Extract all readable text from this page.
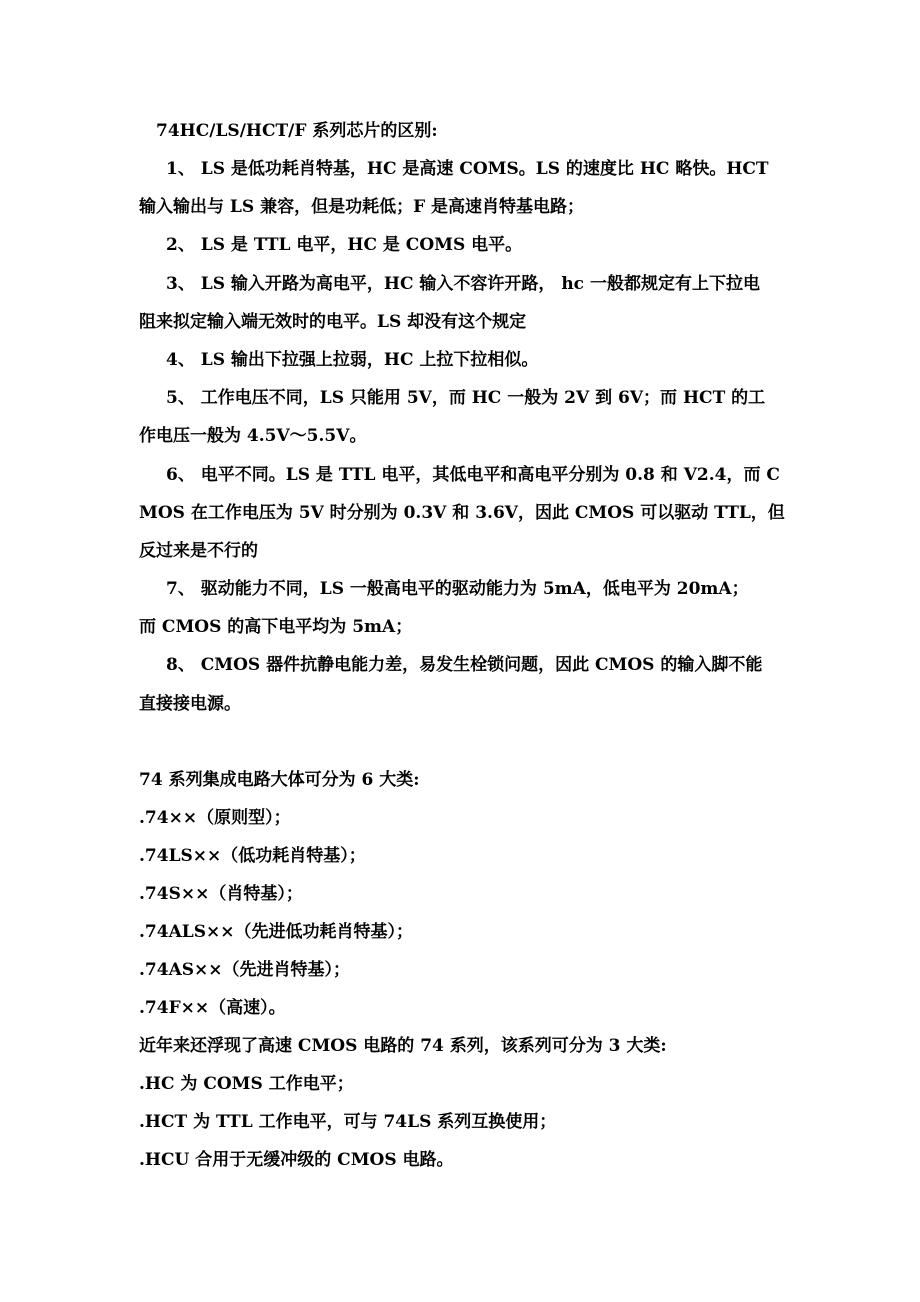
74HC/LS/HCT/F 系列芯片的区别:
1、 LS 是低功耗肖特基，HC 是高速 COMS。LS 的速度比 HC 略快。HCT
输入输出与 LS 兼容，但是功耗低；F 是高速肖特基电路；
2、 LS 是 TTL 电平，HC 是 COMS 电平。
3、 LS 输入开路为高电平，HC 输入不容许开路， hc 一般都规定有上下拉电
阻来拟定输入端无效时的电平。LS 却没有这个规定
4、 LS 输出下拉强上拉弱，HC 上拉下拉相似。
5、 工作电压不同，LS 只能用 5V，而 HC 一般为 2V 到 6V；而 HCT 的工
作电压一般为 4.5V～5.5V。
6、 电平不同。LS 是 TTL 电平，其低电平和高电平分别为 0.8 和 V2.4，而 C
MOS 在工作电压为 5V 时分别为 0.3V 和 3.6V，因此 CMOS 可以驱动 TTL，但
反过来是不行的
7、 驱动能力不同，LS 一般高电平的驱动能力为 5mA，低电平为 20mA；
而 CMOS 的高下电平均为 5mA；
8、 CMOS 器件抗静电能力差，易发生栓锁问题，因此 CMOS 的输入脚不能
直接接电源。
74 系列集成电路大体可分为 6 大类:
.74××（原则型）；
.74LS××（低功耗肖特基）；
.74S××（肖特基）；
.74ALS××（先进低功耗肖特基）；
.74AS××（先进肖特基）；
.74F××（高速）。
近年来还浮现了高速 CMOS 电路的 74 系列，该系列可分为 3 大类:
.HC 为 COMS 工作电平；
.HCT 为 TTL 工作电平，可与 74LS 系列互换使用；
.HCU 合用于无缓冲级的 CMOS 电路。
